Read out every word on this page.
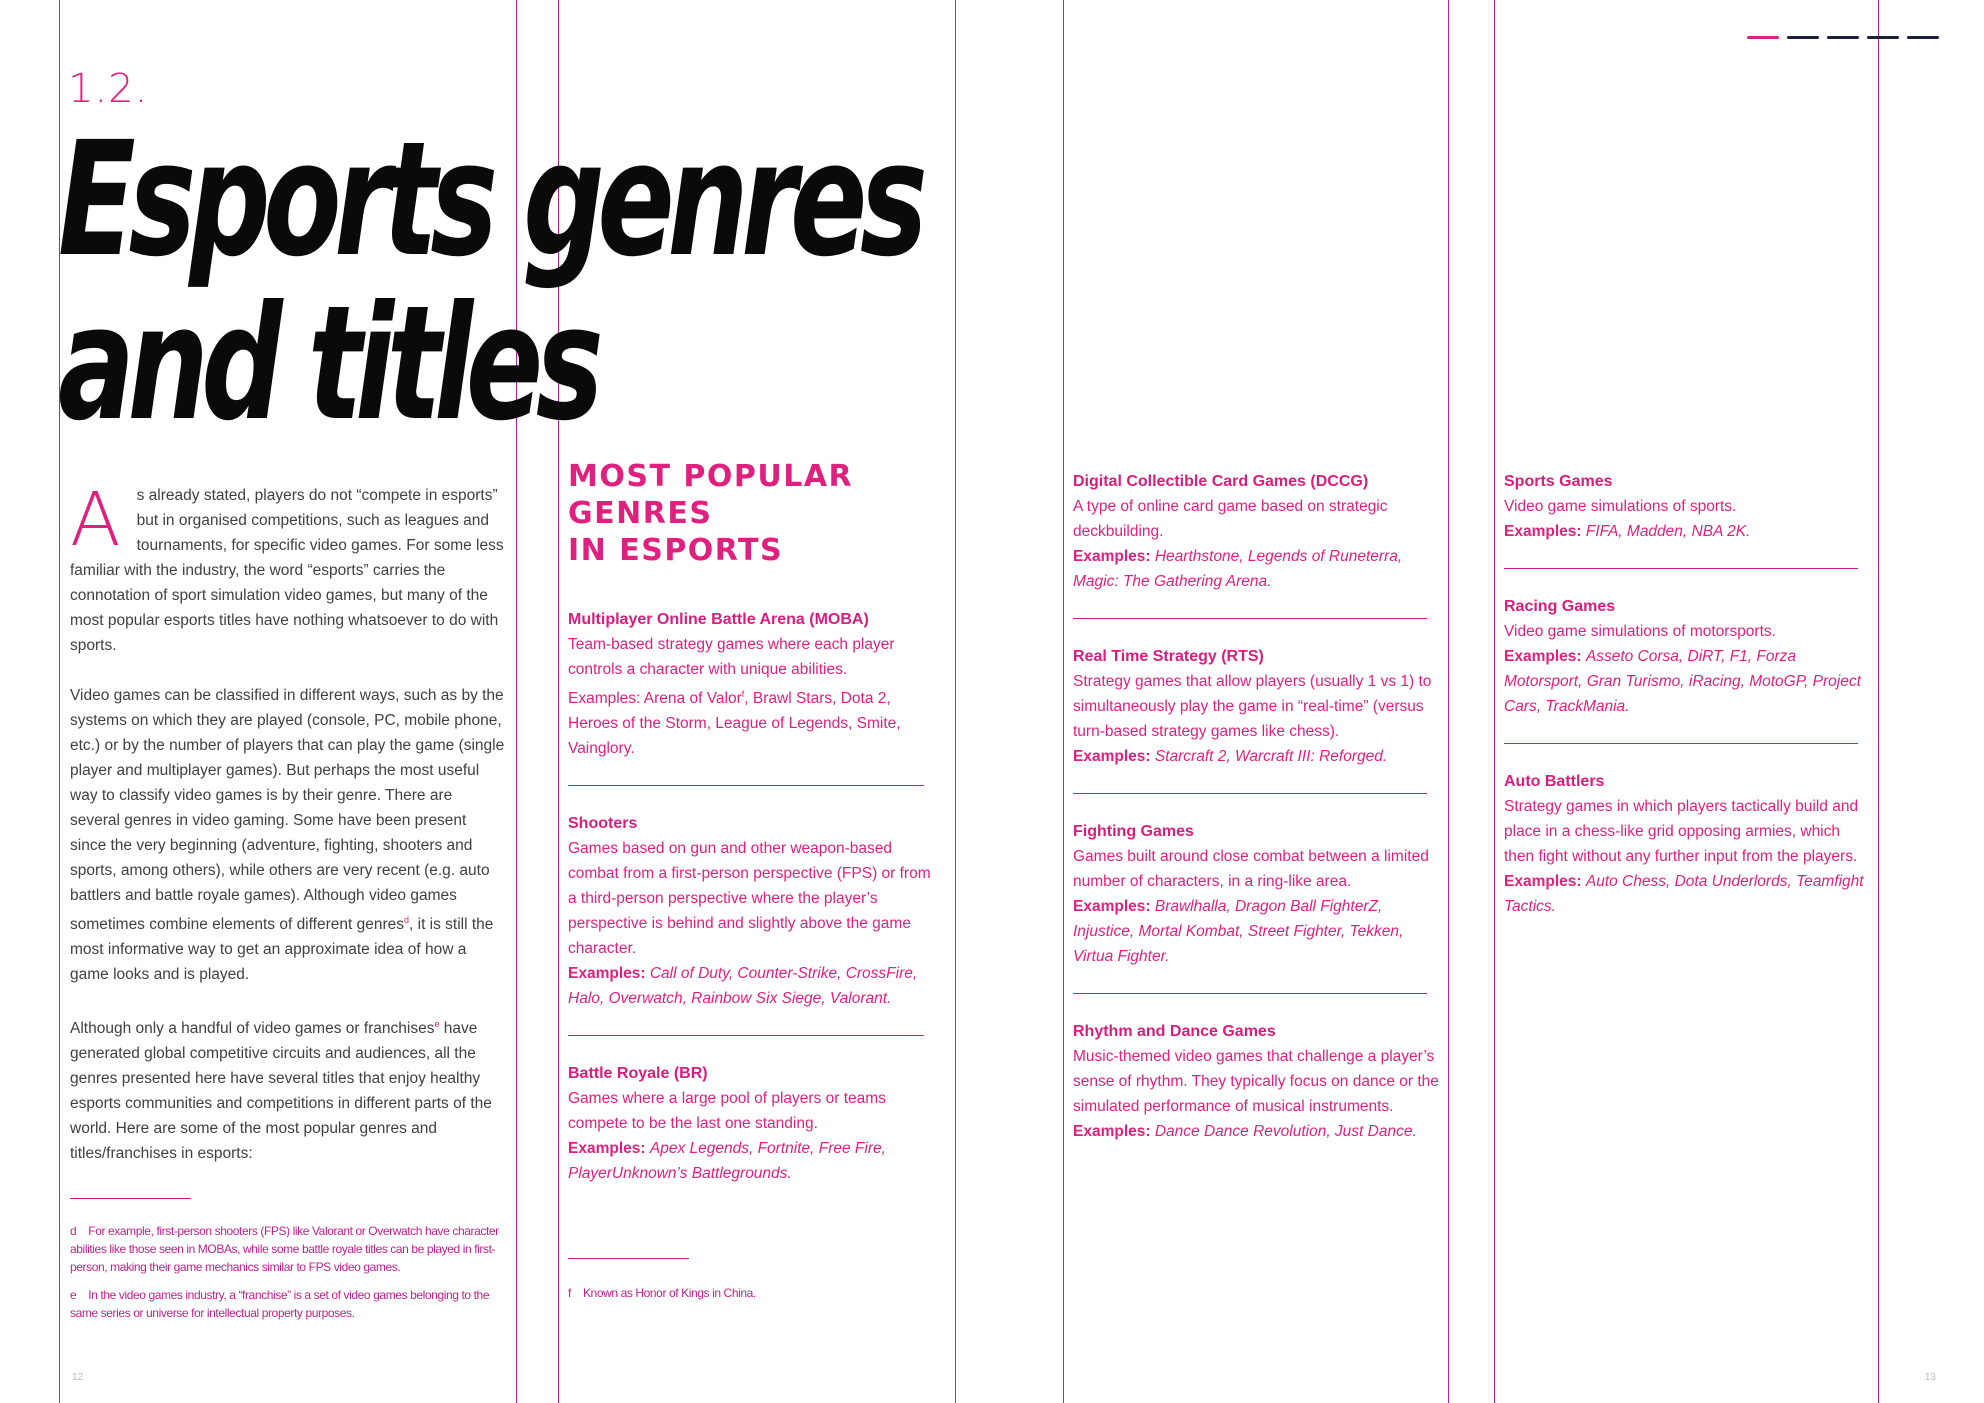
1.2.
Esports genres
and titles

A s already stated, players do not “compete in esports” but in organised competitions, such as leagues and tournaments, for specific video games. For some less familiar with the industry, the word “esports” carries the connotation of sport simulation video games, but many of the most popular esports titles have nothing whatsoever to do with sports.

Video games can be classified in different ways, such as by the systems on which they are played (console, PC, mobile phone, etc.) or by the number of players that can play the game (single player and multiplayer games). But perhaps the most useful way to classify video games is by their genre. There are several genres in video gaming. Some have been present since the very beginning (adventure, fighting, shooters and sports, among others), while others are very recent (e.g. auto battlers and battle royale games). Although video games sometimes combine elements of different genres$^d$, it is still the most informative way to get an approximate idea of how a game looks and is played.

Although only a handful of video games or franchises$^e$ have generated global competitive circuits and audiences, all the genres presented here have several titles that enjoy healthy esports communities and competitions in different parts of the world. Here are some of the most popular genres and titles/franchises in esports:

d For example, first-person shooters (FPS) like Valorant or Overwatch have character abilities like those seen in MOBAs, while some battle royale titles can be played in first-person, making their game mechanics similar to FPS video games.

e In the video games industry, a “franchise” is a set of video games belonging to the same series or universe for intellectual property purposes.

12	13
MOST POPULAR
GENRES
IN ESPORTS
Multiplayer Online Battle Arena (MOBA)

Team-based strategy games where each player controls a character with unique abilities.

Examples: Arena of Valor$^f$, Brawl Stars, Dota 2, Heroes of the Storm, League of Legends, Smite, Vainglory.

Shooters

Games based on gun and other weapon-based combat from a first-person perspective (FPS) or from a third-person perspective where the player’s perspective is behind and slightly above the game character.

Examples: Call of Duty, Counter-Strike, CrossFire, Halo, Overwatch, Rainbow Six Siege, Valorant.

Battle Royale (BR)

Games where a large pool of players or teams compete to be the last one standing.

Examples: Apex Legends, Fortnite, Free Fire, PlayerUnknown’s Battlegrounds.

f Known as Honor of Kings in China.

Digital Collectible Card Games (DCCG)

A type of online card game based on strategic deckbuilding.

Examples: Hearthstone, Legends of Runeterra, Magic: The Gathering Arena.

Real Time Strategy (RTS)

Strategy games that allow players (usually 1 vs 1) to simultaneously play the game in “real-time” (versus turn-based strategy games like chess).

Examples: Starcraft 2, Warcraft III: Reforged.

Fighting Games

Games built around close combat between a limited number of characters, in a ring-like area.

Examples: Brawlhalla, Dragon Ball FighterZ, Injustice, Mortal Kombat, Street Fighter, Tekken, Virtua Fighter.

Rhythm and Dance Games

Music-themed video games that challenge a player’s sense of rhythm. They typically focus on dance or the simulated performance of musical instruments.

Examples: Dance Dance Revolution, Just Dance.

Sports Games

Video game simulations of sports.

Examples: FIFA, Madden, NBA 2K.

Racing Games

Video game simulations of motorsports.

Examples: Asseto Corsa, DiRT, F1, Forza Motorsport, Gran Turismo, iRacing, MotoGP, Project Cars, TrackMania.

Auto Battlers

Strategy games in which players tactically build and place in a chess-like grid opposing armies, which then fight without any further input from the players.

Examples: Auto Chess, Dota Underlords, Teamfight Tactics.
